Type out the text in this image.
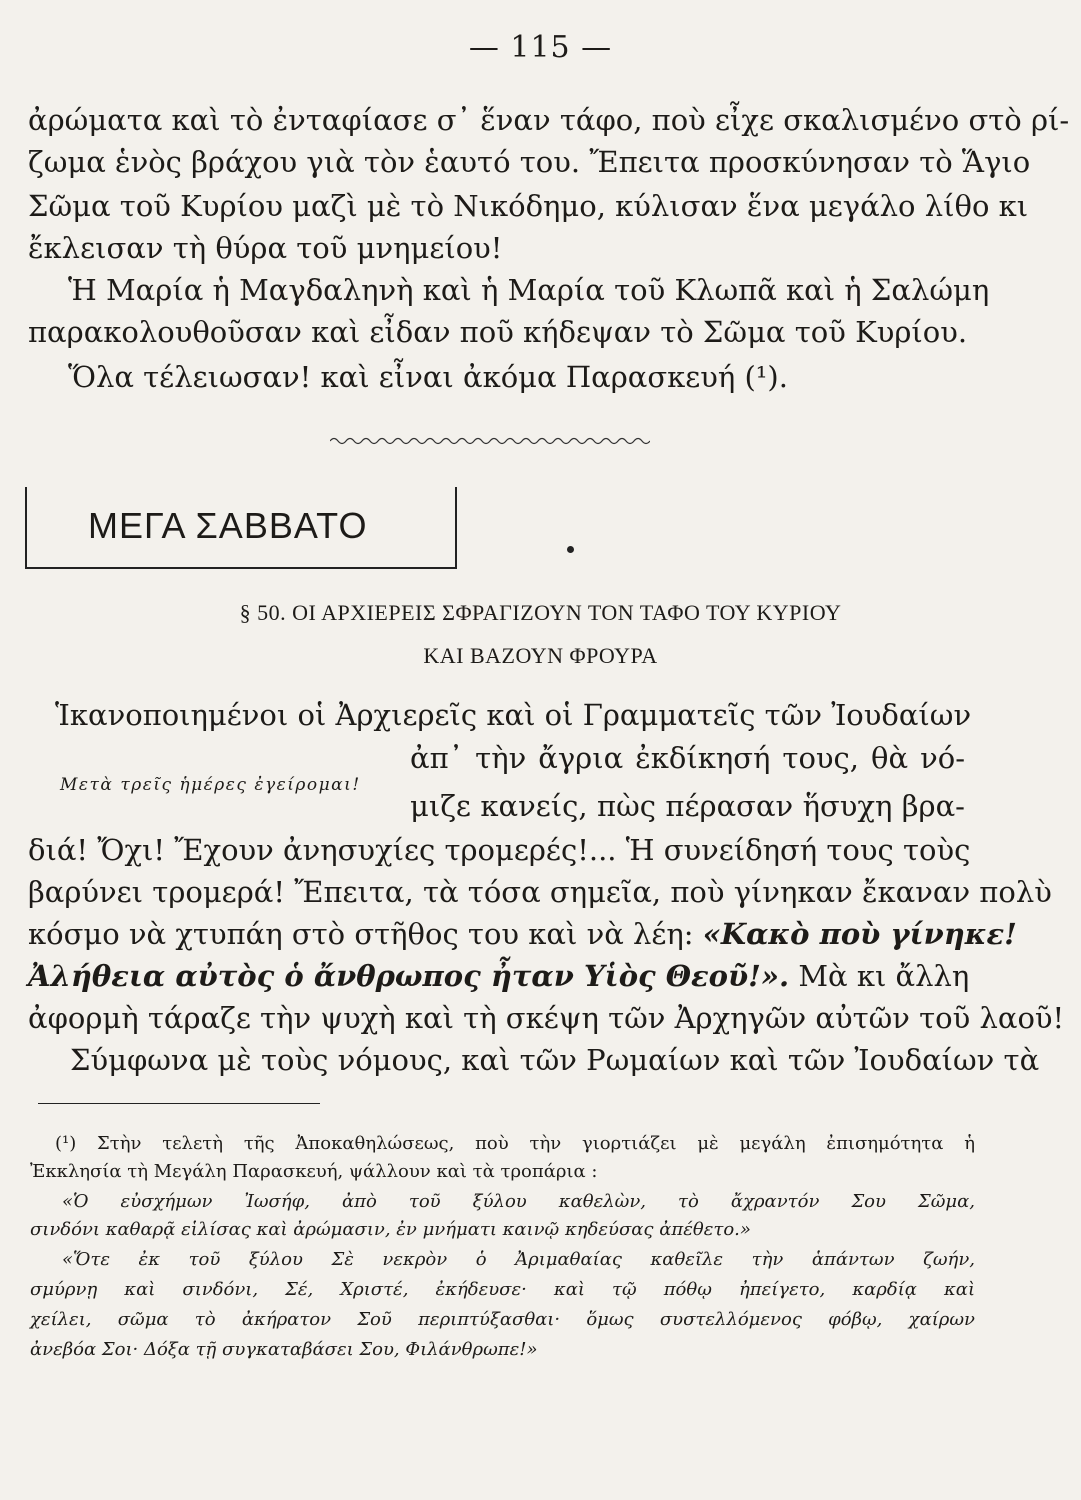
— 115 —
ἀρώματα καὶ τὸ ἐνταφίασε σ᾽ ἕναν τάφο, ποὺ εἶχε σκαλισμένο στὸ ρί-
ζωμα ἑνὸς βράχου γιὰ τὸν ἑαυτό του. Ἔπειτα προσκύνησαν τὸ Ἅγιο
Σῶμα τοῦ Κυρίου μαζὶ μὲ τὸ Νικόδημο, κύλισαν ἕνα μεγάλο λίθο κι
ἔκλεισαν τὴ θύρα τοῦ μνημείου!
Ἡ Μαρία ἡ Μαγδαληνὴ καὶ ἡ Μαρία τοῦ Κλωπᾶ καὶ ἡ Σαλώμη
παρακολουθοῦσαν καὶ εἶδαν ποῦ κήδεψαν τὸ Σῶμα τοῦ Κυρίου.
Ὅλα τέλειωσαν! καὶ εἶναι ἀκόμα Παρασκευή (¹).
ΜΕΓΑ ΣΑΒΒΑΤΟ
§ 50. ΟΙ ΑΡΧΙΕΡΕΙΣ ΣΦΡΑΓΙΖΟΥΝ ΤΟΝ ΤΑΦΟ ΤΟΥ ΚΥΡΙΟΥ
ΚΑΙ ΒΑΖΟΥΝ ΦΡΟΥΡΑ
Ἱκανοποιημένοι οἱ Ἀρχιερεῖς καὶ οἱ Γραμματεῖς τῶν Ἰουδαίων
ἀπ᾽ τὴν ἄγρια ἐκδίκησή τους, θὰ νό-
Μετὰ τρεῖς ἡμέρες ἐγείρομαι!
μιζε κανείς, πὼς πέρασαν ἥσυχη βρα-
διά! Ὄχι! Ἔχουν ἀνησυχίες τρομερές!... Ἡ συνείδησή τους τοὺς
βαρύνει τρομερά! Ἔπειτα, τὰ τόσα σημεῖα, ποὺ γίνηκαν ἔκαναν πολὺ
κόσμο νὰ χτυπάη στὸ στῆθος του καὶ νὰ λέη: «Κακὸ ποὺ γίνηκε!
Ἀλήθεια αὐτὸς ὁ ἄνθρωπος ἦταν Υἱὸς Θεοῦ!». Μὰ κι ἄλλη
ἀφορμὴ τάραζε τὴν ψυχὴ καὶ τὴ σκέψη τῶν Ἀρχηγῶν αὐτῶν τοῦ λαοῦ!
Σύμφωνα μὲ τοὺς νόμους, καὶ τῶν Ρωμαίων καὶ τῶν Ἰουδαίων τὰ
(¹) Στὴν τελετὴ τῆς Ἀποκαθηλώσεως, ποὺ τὴν γιορτιάζει μὲ μεγάλη ἐπισημότητα ἡ
Ἐκκλησία τὴ Μεγάλη Παρασκευή, ψάλλουν καὶ τὰ τροπάρια :
«Ὁ εὐσχήμων Ἰωσήφ, ἀπὸ τοῦ ξύλου καθελὼν, τὸ ἄχραντόν Σου Σῶμα,
σινδόνι καθαρᾷ εἱλίσας καὶ ἀρώμασιν, ἐν μνήματι καινῷ κηδεύσας ἀπέθετο.»
«Ὅτε ἐκ τοῦ ξύλου Σὲ νεκρὸν ὁ Ἀριμαθαίας καθεῖλε τὴν ἁπάντων ζωήν,
σμύρνῃ καὶ σινδόνι, Σέ, Χριστέ, ἐκήδευσε· καὶ τῷ πόθῳ ἠπείγετο, καρδίᾳ καὶ
χείλει, σῶμα τὸ ἀκήρατον Σοῦ περιπτύξασθαι· ὅμως συστελλόμενος φόβῳ, χαίρων
ἀνεβόα Σοι· Δόξα τῇ συγκαταβάσει Σου, Φιλάνθρωπε!»
